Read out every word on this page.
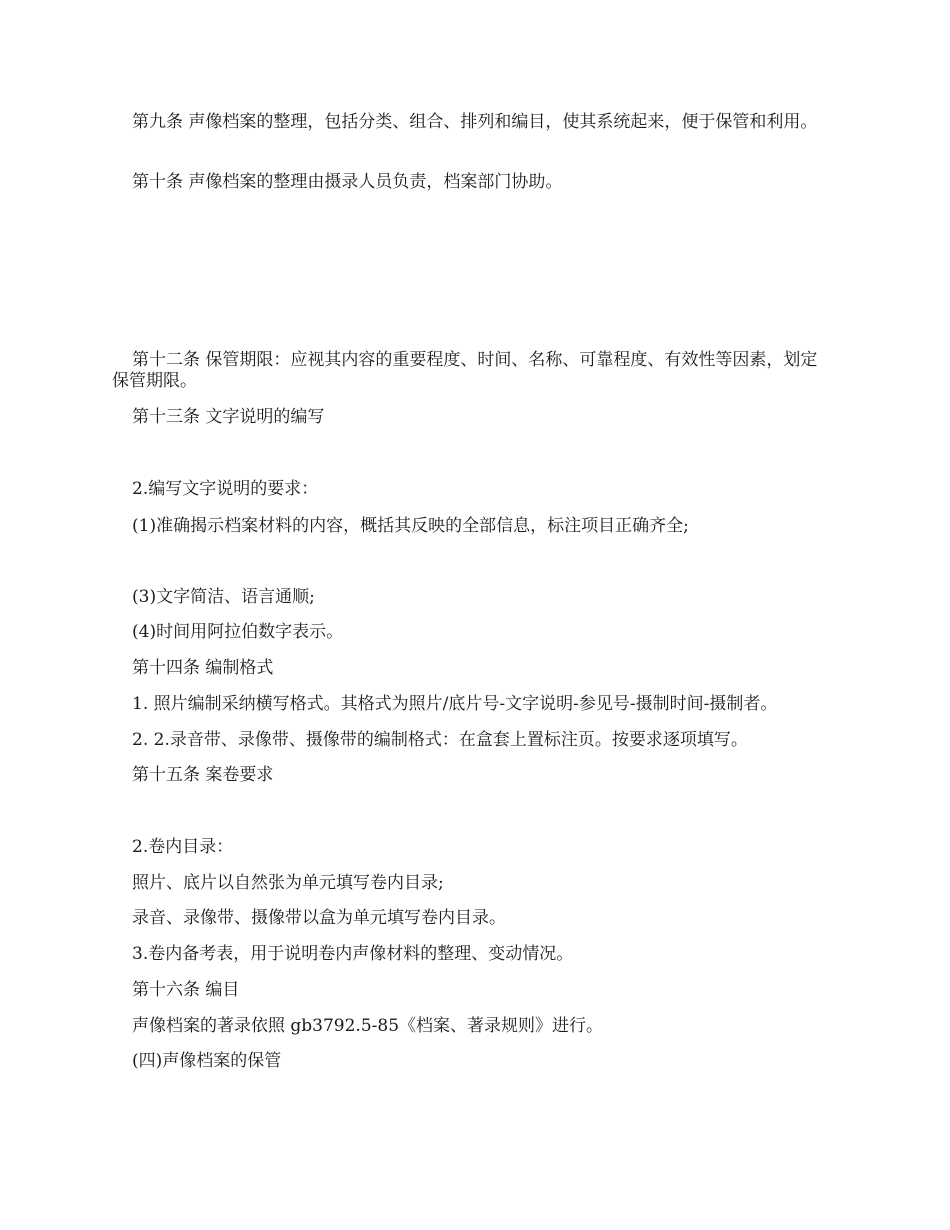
第九条 声像档案的整理，包括分类、组合、排列和编目，使其系统起来，便于保管和利用。

第十条 声像档案的整理由摄录人员负责，档案部门协助。

第十二条 保管期限：应视其内容的重要程度、时间、名称、可靠程度、有效性等因素，划定保管期限。

第十三条 文字说明的编写

2.编写文字说明的要求：

(1)准确揭示档案材料的内容，概括其反映的全部信息，标注项目正确齐全;

(3)文字简洁、语言通顺;

(4)时间用阿拉伯数字表示。

第十四条 编制格式

1. 照片编制采纳横写格式。其格式为照片/底片号-文字说明-参见号-摄制时间-摄制者。

2. 2.录音带、录像带、摄像带的编制格式：在盒套上置标注页。按要求逐项填写。

第十五条 案卷要求

2.卷内目录：

照片、底片以自然张为单元填写卷内目录;

录音、录像带、摄像带以盒为单元填写卷内目录。

3.卷内备考表，用于说明卷内声像材料的整理、变动情况。

第十六条 编目

声像档案的著录依照 gb3792.5-85《档案、著录规则》进行。

(四)声像档案的保管
